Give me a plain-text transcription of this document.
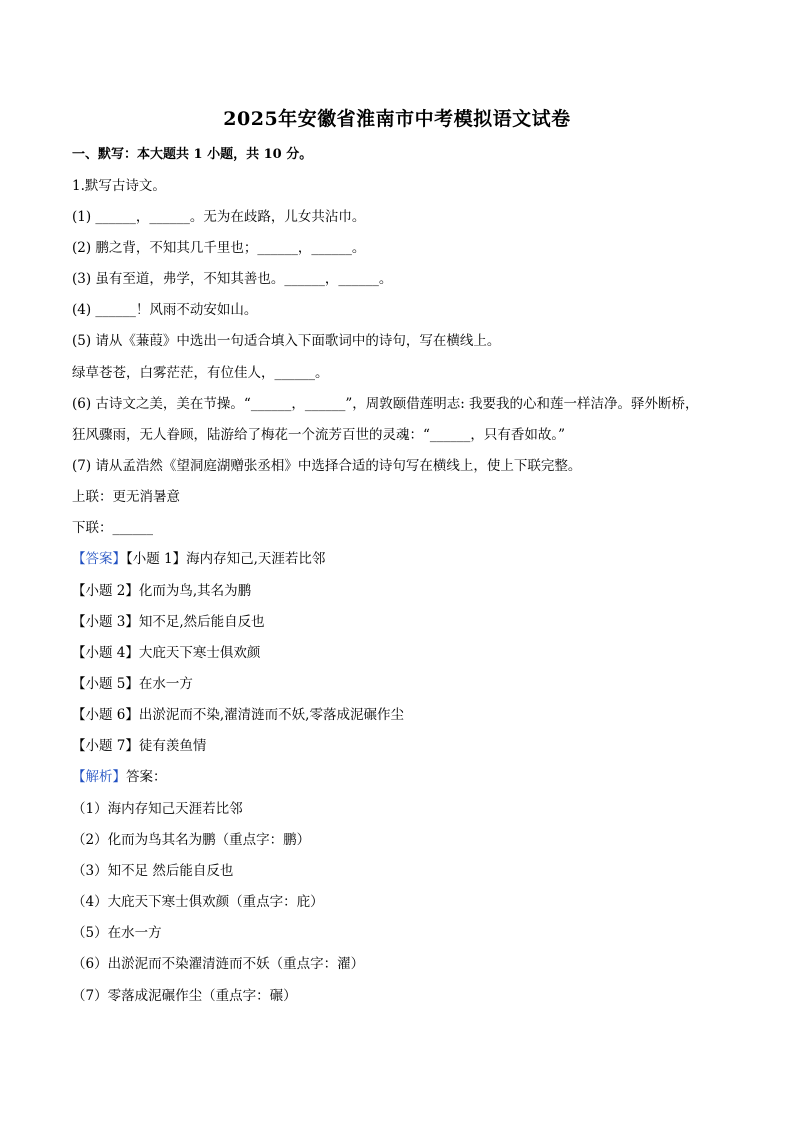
2025年安徽省淮南市中考模拟语文试卷
一、默写：本大题共 1 小题，共 10 分。
1.默写古诗文。
(1) ______，______。无为在歧路，儿女共沾巾。
(2) 鹏之背，不知其几千里也；______，______。
(3) 虽有至道，弗学，不知其善也。______，______。
(4) ______！风雨不动安如山。
(5) 请从《蒹葭》中选出一句适合填入下面歌词中的诗句，写在横线上。
绿草苍苍，白雾茫茫，有位佳人，______。
(6) 古诗文之美，美在节操。“______，______”，周敦颐借莲明志: 我要我的心和莲一样洁净。驿外断桥，
狂风骤雨，无人眷顾，陆游给了梅花一个流芳百世的灵魂：“______，只有香如故。”
(7) 请从孟浩然《望洞庭湖赠张丞相》中选择合适的诗句写在横线上，使上下联完整。
上联：更无消暑意
下联：______
【答案】【小题 1】海内存知己,天涯若比邻
【小题 2】化而为鸟,其名为鹏
【小题 3】知不足,然后能自反也
【小题 4】大庇天下寒士俱欢颜
【小题 5】在水一方
【小题 6】出淤泥而不染,濯清涟而不妖,零落成泥碾作尘
【小题 7】徒有羡鱼情
【解析】答案：
（1）海内存知己天涯若比邻
（2）化而为鸟其名为鹏（重点字：鹏）
（3）知不足 然后能自反也
（4）大庇天下寒士俱欢颜（重点字：庇）
（5）在水一方
（6）出淤泥而不染濯清涟而不妖（重点字：濯）
（7）零落成泥碾作尘（重点字：碾）
